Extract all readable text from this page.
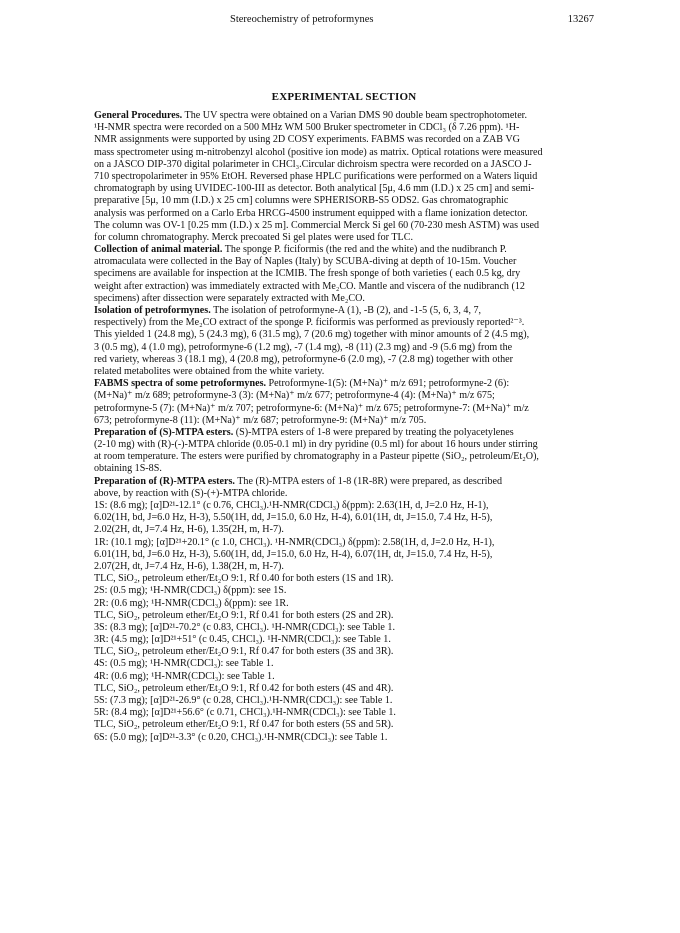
Stereochemistry of petroformynes	13267
EXPERIMENTAL SECTION
General Procedures. The UV spectra were obtained on a Varian DMS 90 double beam spectrophotometer.
¹H-NMR spectra were recorded on a 500 MHz WM 500 Bruker spectrometer in CDCl₃ (δ 7.26 ppm). ¹H-
NMR assignments were supported by using 2D COSY experiments. FABMS was recorded on a ZAB VG
mass spectrometer using m-nitrobenzyl alcohol (positive ion mode) as matrix. Optical rotations were measured
on a JASCO DIP-370 digital polarimeter in CHCl₃.Circular dichroism spectra were recorded on a JASCO J-
710 spectropolarimeter in 95% EtOH. Reversed phase HPLC purifications were performed on a Waters liquid
chromatograph by using UVIDEC-100-III as detector. Both analytical [5μ, 4.6 mm (I.D.) x 25 cm] and semi-
preparative [5μ, 10 mm (I.D.) x 25 cm] columns were SPHERISORB-S5 ODS2. Gas chromatographic
analysis was performed on a Carlo Erba HRCG-4500 instrument equipped with a flame ionization detector.
The column was OV-1 [0.25 mm (I.D.) x 25 m]. Commercial Merck Si gel 60 (70-230 mesh ASTM) was used
for column chromatography. Merck precoated Si gel plates were used for TLC.
Collection of animal material. The sponge P. ficiformis (the red and the white) and the nudibranch P.
atromaculata were collected in the Bay of Naples (Italy) by SCUBA-diving at depth of 10-15m. Voucher
specimens are available for inspection at the ICMIB. The fresh sponge of both varieties ( each 0.5 kg, dry
weight after extraction) was immediately extracted with Me₂CO. Mantle and viscera of the nudibranch (12
specimens) after dissection were separately extracted with Me₂CO.
Isolation of petroformynes. The isolation of petroformyne-A (1), -B (2), and -1-5 (5, 6, 3, 4, 7,
respectively) from the Me₂CO extract of the sponge P. ficiformis was performed as previously reported²⁻³.
This yielded 1 (24.8 mg), 5 (24.3 mg), 6 (31.5 mg), 7 (20.6 mg) together with minor amounts of 2 (4.5 mg),
3 (0.5 mg), 4 (1.0 mg), petroformyne-6 (1.2 mg), -7 (1.4 mg), -8 (11) (2.3 mg) and -9 (5.6 mg) from the
red variety, whereas 3 (18.1 mg), 4 (20.8 mg), petroformyne-6 (2.0 mg), -7 (2.8 mg) together with other
related metabolites were obtained from the white variety.
FABMS spectra of some petroformynes. Petroformyne-1(5): (M+Na)⁺ m/z 691; petroformyne-2 (6):
(M+Na)⁺ m/z 689; petroformyne-3 (3): (M+Na)⁺ m/z 677; petroformyne-4 (4): (M+Na)⁺ m/z 675;
petroformyne-5 (7): (M+Na)⁺ m/z 707; petroformyne-6: (M+Na)⁺ m/z 675; petroformyne-7: (M+Na)⁺ m/z
673; petroformyne-8 (11): (M+Na)⁺ m/z 687; petroformyne-9: (M+Na)⁺ m/z 705.
Preparation of (S)-MTPA esters. (S)-MTPA esters of 1-8 were prepared by treating the polyacetylenes
(2-10 mg) with (R)-(-)-MTPA chloride (0.05-0.1 ml) in dry pyridine (0.5 ml) for about 16 hours under stirring
at room temperature. The esters were purified by chromatography in a Pasteur pipette (SiO₂, petroleum/Et₂O),
obtaining 1S-8S.
Preparation of (R)-MTPA esters. The (R)-MTPA esters of 1-8 (1R-8R) were prepared, as described
above, by reaction with (S)-(+)-MTPA chloride.
1S: (8.6 mg); [α]D²¹-12.1° (c 0.76, CHCl₃).¹H-NMR(CDCl₃) δ(ppm): 2.63(1H, d, J=2.0 Hz, H-1),
6.02(1H, bd, J=6.0 Hz, H-3), 5.50(1H, dd, J=15.0, 6.0 Hz, H-4), 6.01(1H, dt, J=15.0, 7.4 Hz, H-5),
2.02(2H, dt, J=7.4 Hz, H-6), 1.35(2H, m, H-7).
1R: (10.1 mg); [α]D²¹+20.1° (c 1.0, CHCl₃). ¹H-NMR(CDCl₃) δ(ppm): 2.58(1H, d, J=2.0 Hz, H-1),
6.01(1H, bd, J=6.0 Hz, H-3), 5.60(1H, dd, J=15.0, 6.0 Hz, H-4), 6.07(1H, dt, J=15.0, 7.4 Hz, H-5),
2.07(2H, dt, J=7.4 Hz, H-6), 1.38(2H, m, H-7).
TLC, SiO₂, petroleum ether/Et₂O 9:1, Rf 0.40 for both esters (1S and 1R).
2S: (0.5 mg); ¹H-NMR(CDCl₃) δ(ppm): see 1S.
2R: (0.6 mg); ¹H-NMR(CDCl₃) δ(ppm): see 1R.
TLC, SiO₂, petroleum ether/Et₂O 9:1, Rf 0.41 for both esters (2S and 2R).
3S: (8.3 mg); [α]D²¹-70.2° (c 0.83, CHCl₃). ¹H-NMR(CDCl₃): see Table 1.
3R: (4.5 mg); [α]D²¹+51° (c 0.45, CHCl₃). ¹H-NMR(CDCl₃): see Table 1.
TLC, SiO₂, petroleum ether/Et₂O 9:1, Rf 0.47 for both esters (3S and 3R).
4S: (0.5 mg); ¹H-NMR(CDCl₃): see Table 1.
4R: (0.6 mg); ¹H-NMR(CDCl₃): see Table 1.
TLC, SiO₂, petroleum ether/Et₂O 9:1, Rf 0.42 for both esters (4S and 4R).
5S: (7.3 mg); [α]D²¹-26.9° (c 0.28, CHCl₃).¹H-NMR(CDCl₃): see Table 1.
5R: (8.4 mg); [α]D²¹+56.6° (c 0.71, CHCl₃).¹H-NMR(CDCl₃): see Table 1.
TLC, SiO₂, petroleum ether/Et₂O 9:1, Rf 0.47 for both esters (5S and 5R).
6S: (5.0 mg); [α]D²¹-3.3° (c 0.20, CHCl₃).¹H-NMR(CDCl₃): see Table 1.
